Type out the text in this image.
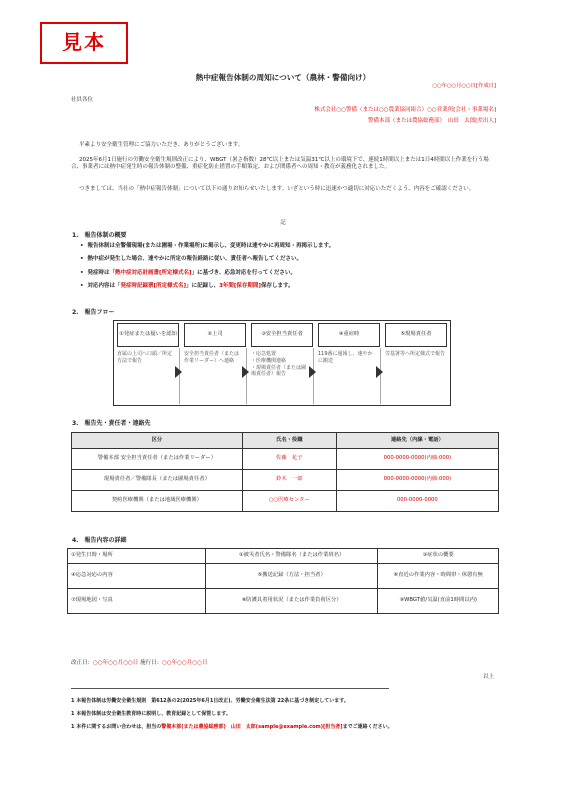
見本
熱中症報告体制の周知について（農林・警備向け）
○○年○○月○○日[作成日]
社員各位
株式会社○○警備（または○○農業協同組合）○○営業所[会社・事業場名]
警備本部（または農協総務部）　山田　太郎[差出人]
平素より安全衛生管理にご協力いただき、ありがとうございます。
2025年6月1日施行の労働安全衛生規則改正により、WBGT（暑さ指数）28℃以上または気温31℃以上の環境下で、連続1時間以上または1日4時間以上作業を行う場合、事業者には熱中症発生時の報告体制の整備、重症化防止措置の手順策定、および関係者への周知・教育が義務化されました。
つきましては、当社の「熱中症報告体制」について以下の通りお知らせいたします。いざという時に迅速かつ適切に対応いただくよう、内容をご確認ください。
記
1.　報告体制の概要
• 報告体制は全警備現場(または圃場・作業場所)に掲示し、変更時は速やかに再周知・再掲示します。
• 熱中症が発生した場合、速やかに所定の報告経路に従い、責任者へ報告してください。
• 発症時は「熱中症対応計画書[所定様式名]」に基づき、応急対応を行ってください。
• 対応内容は「発症時記録票[所定様式名]」に記録し、3年間[保存期間]保存します。
2.　報告フロー
①発症または疑いを認知	②上司	③安全担当責任者	④重症時	⑤現場責任者
直属の上司へ口頭／所定方法で報告
安全担当責任者（または作業リーダー）へ連絡
・応急処置
・医療機関連絡
・現場責任者（または圃場責任者）報告
119番に通報し、速やかに搬送
労基署等へ所定様式で報告
3.　報告先・責任者・連絡先
区分	氏名・役職	連絡先（内線・電話）
警備本部 安全担当責任者（または作業リーダー）	佐藤　花子	000-0000-0000(内線:000)
現場責任者／警備隊長（または圃場責任者）	鈴木　一郎	000-0000-0000(内線:000)
契約医療機関（または地域医療機関）	○○医療センター	000-0000-0000
4.　報告内容の詳細
①発生日時・場所	②被災者氏名・警備隊名（または作業班名）	③症状の概要
④応急対応の内容	⑤搬送記録（方法・担当者）	⑥直近の作業内容・時間帯・休憩有無
⑦現場地図・写真	⑧防護具着用状況（または作業負荷区分）	⑨WBGT値/気温(直前1時間以内)
改正日：○○年○○月○○日 施行日：○○年○○月○○日
以上
1 本報告体制は労働安全衛生規則　第612条の2(2025年6月1日改正)、労働安全衛生法第 22条に基づき制定しています。
1 本報告体制は安全衛生教育時に説明し、教育記録として保管します。
1 本件に関するお問い合わせは、担当の警備本部(または農協総務部)　山田　太郎(sample@example.com)[担当者]までご連絡ください。
